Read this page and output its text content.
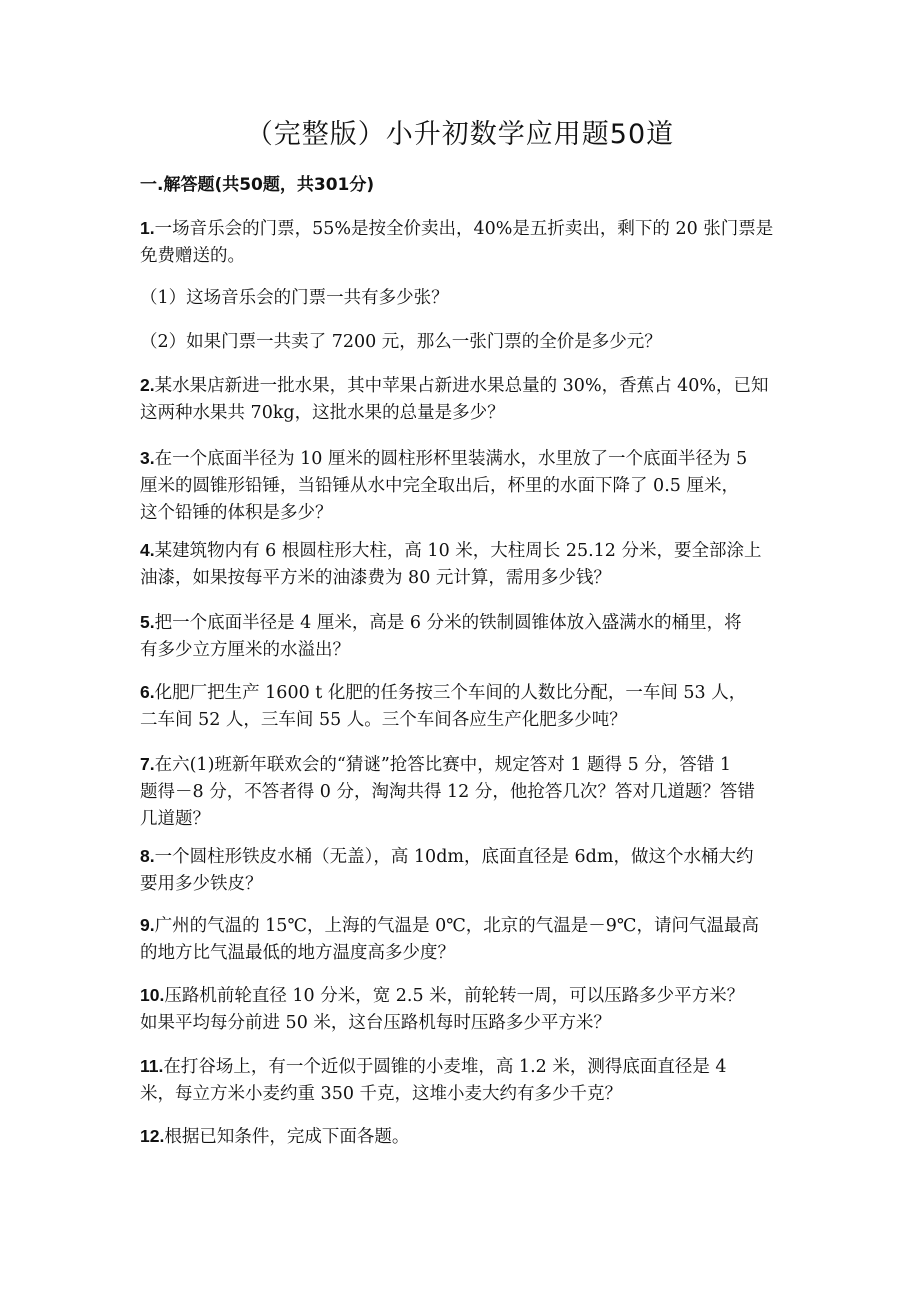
（完整版）小升初数学应用题50道
一.解答题(共50题，共301分)
1.一场音乐会的门票，55%是按全价卖出，40%是五折卖出，剩下的 20 张门票是
免费赠送的。
（1）这场音乐会的门票一共有多少张？
（2）如果门票一共卖了 7200 元，那么一张门票的全价是多少元？
2.某水果店新进一批水果，其中苹果占新进水果总量的 30%，香蕉占 40%，已知
这两种水果共 70kg，这批水果的总量是多少？
3.在一个底面半径为 10 厘米的圆柱形杯里装满水，水里放了一个底面半径为 5
厘米的圆锥形铅锤，当铅锤从水中完全取出后，杯里的水面下降了 0.5 厘米，
这个铅锤的体积是多少？
4.某建筑物内有 6 根圆柱形大柱，高 10 米，大柱周长 25.12 分米，要全部涂上
油漆，如果按每平方米的油漆费为 80 元计算，需用多少钱？
5.把一个底面半径是 4 厘米，高是 6 分米的铁制圆锥体放入盛满水的桶里，将
有多少立方厘米的水溢出？
6.化肥厂把生产 1600 t 化肥的任务按三个车间的人数比分配，一车间 53 人，
二车间 52 人，三车间 55 人。三个车间各应生产化肥多少吨？
7.在六(1)班新年联欢会的“猜谜”抢答比赛中，规定答对 1 题得 5 分，答错 1
题得－8 分，不答者得 0 分，淘淘共得 12 分，他抢答几次？答对几道题？答错
几道题？
8.一个圆柱形铁皮水桶（无盖），高 10dm，底面直径是 6dm，做这个水桶大约
要用多少铁皮？
9.广州的气温的 15℃，上海的气温是 0℃，北京的气温是－9℃，请问气温最高
的地方比气温最低的地方温度高多少度？
10.压路机前轮直径 10 分米，宽 2.5 米，前轮转一周，可以压路多少平方米？
如果平均每分前进 50 米，这台压路机每时压路多少平方米？
11.在打谷场上，有一个近似于圆锥的小麦堆，高 1.2 米，测得底面直径是 4
米，每立方米小麦约重 350 千克，这堆小麦大约有多少千克？
12.根据已知条件，完成下面各题。
